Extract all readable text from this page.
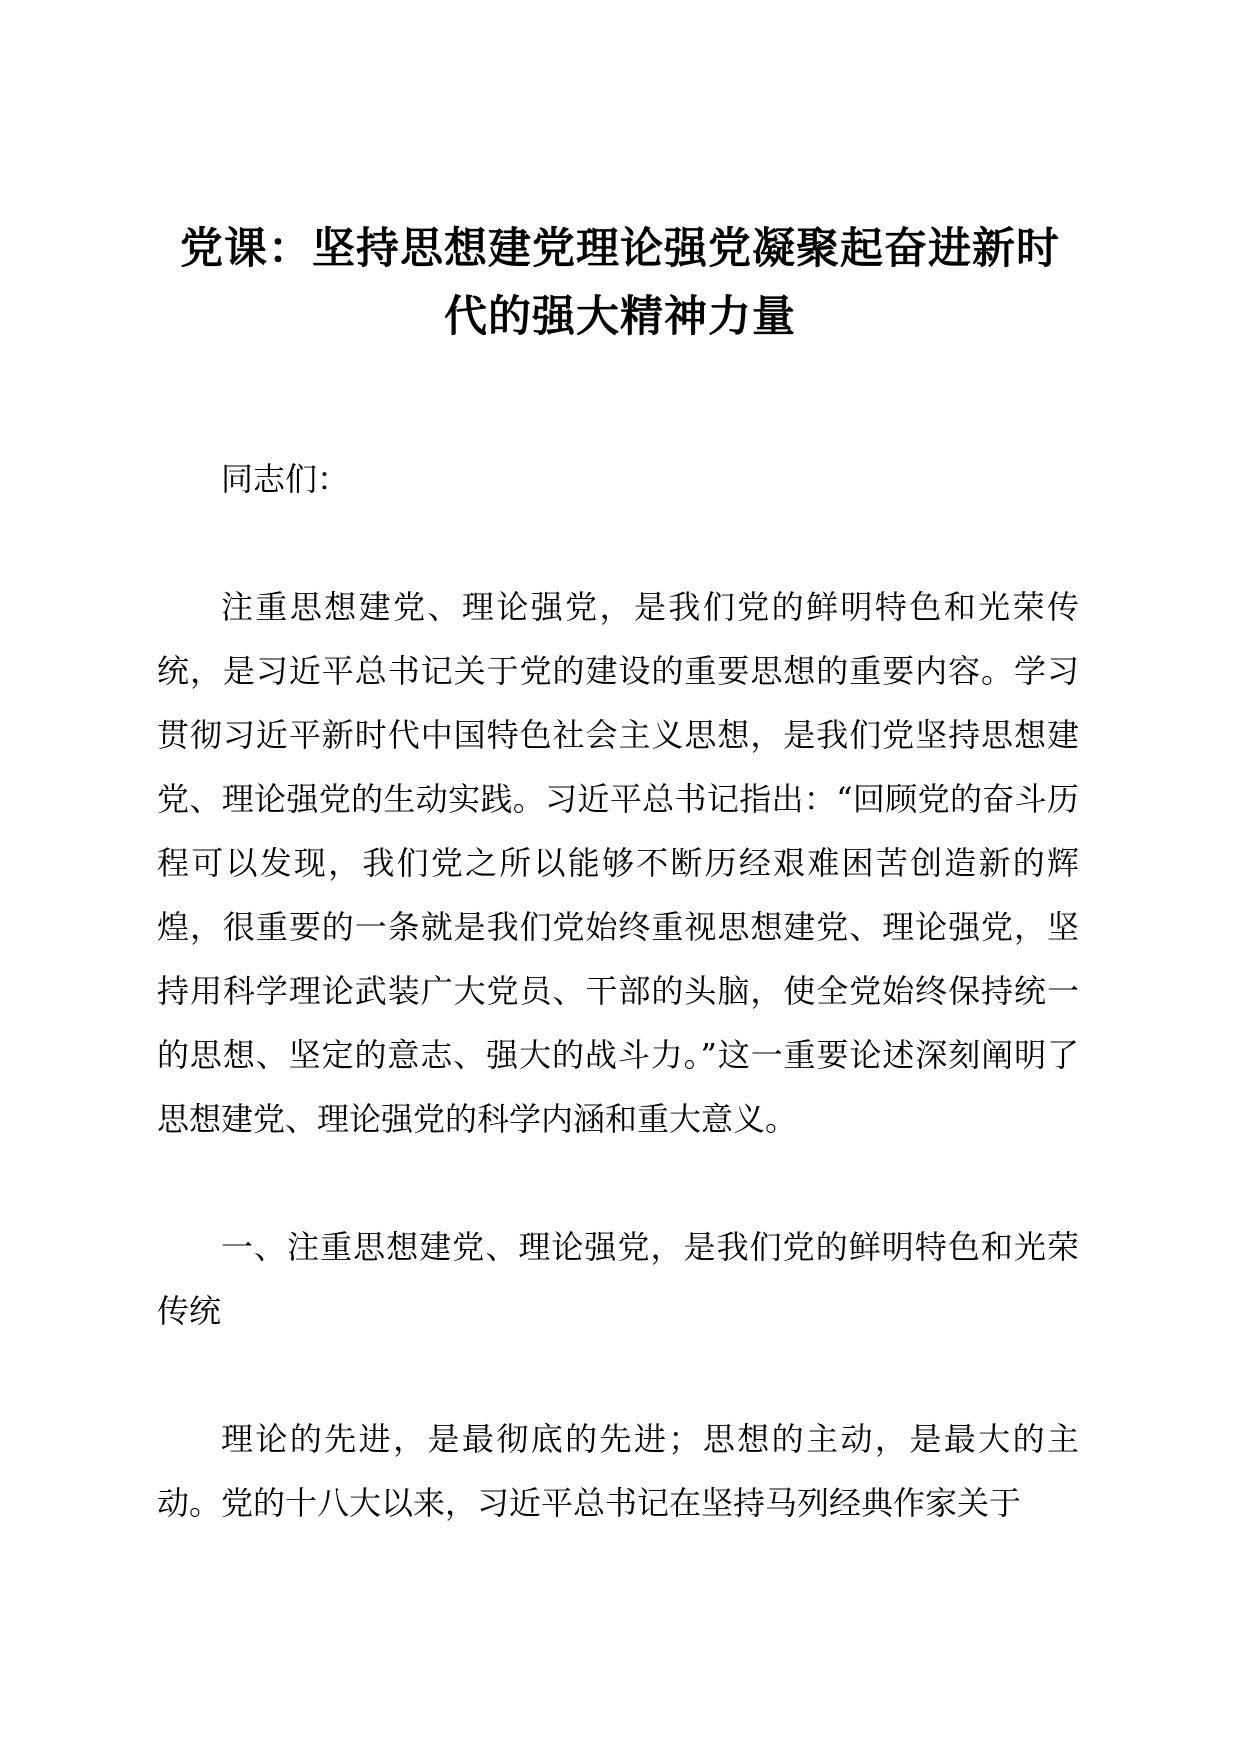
党课：坚持思想建党理论强党凝聚起奋进新时
代的强大精神力量

同志们：

注重思想建党、理论强党，是我们党的鲜明特色和光荣传统，是习近平总书记关于党的建设的重要思想的重要内容。学习贯彻习近平新时代中国特色社会主义思想，是我们党坚持思想建党、理论强党的生动实践。习近平总书记指出：“回顾党的奋斗历程可以发现，我们党之所以能够不断历经艰难困苦创造新的辉煌，很重要的一条就是我们党始终重视思想建党、理论强党，坚持用科学理论武装广大党员、干部的头脑，使全党始终保持统一的思想、坚定的意志、强大的战斗力。”这一重要论述深刻阐明了思想建党、理论强党的科学内涵和重大意义。

一、注重思想建党、理论强党，是我们党的鲜明特色和光荣传统

理论的先进，是最彻底的先进；思想的主动，是最大的主动。党的十八大以来，习近平总书记在坚持马列经典作家关于
